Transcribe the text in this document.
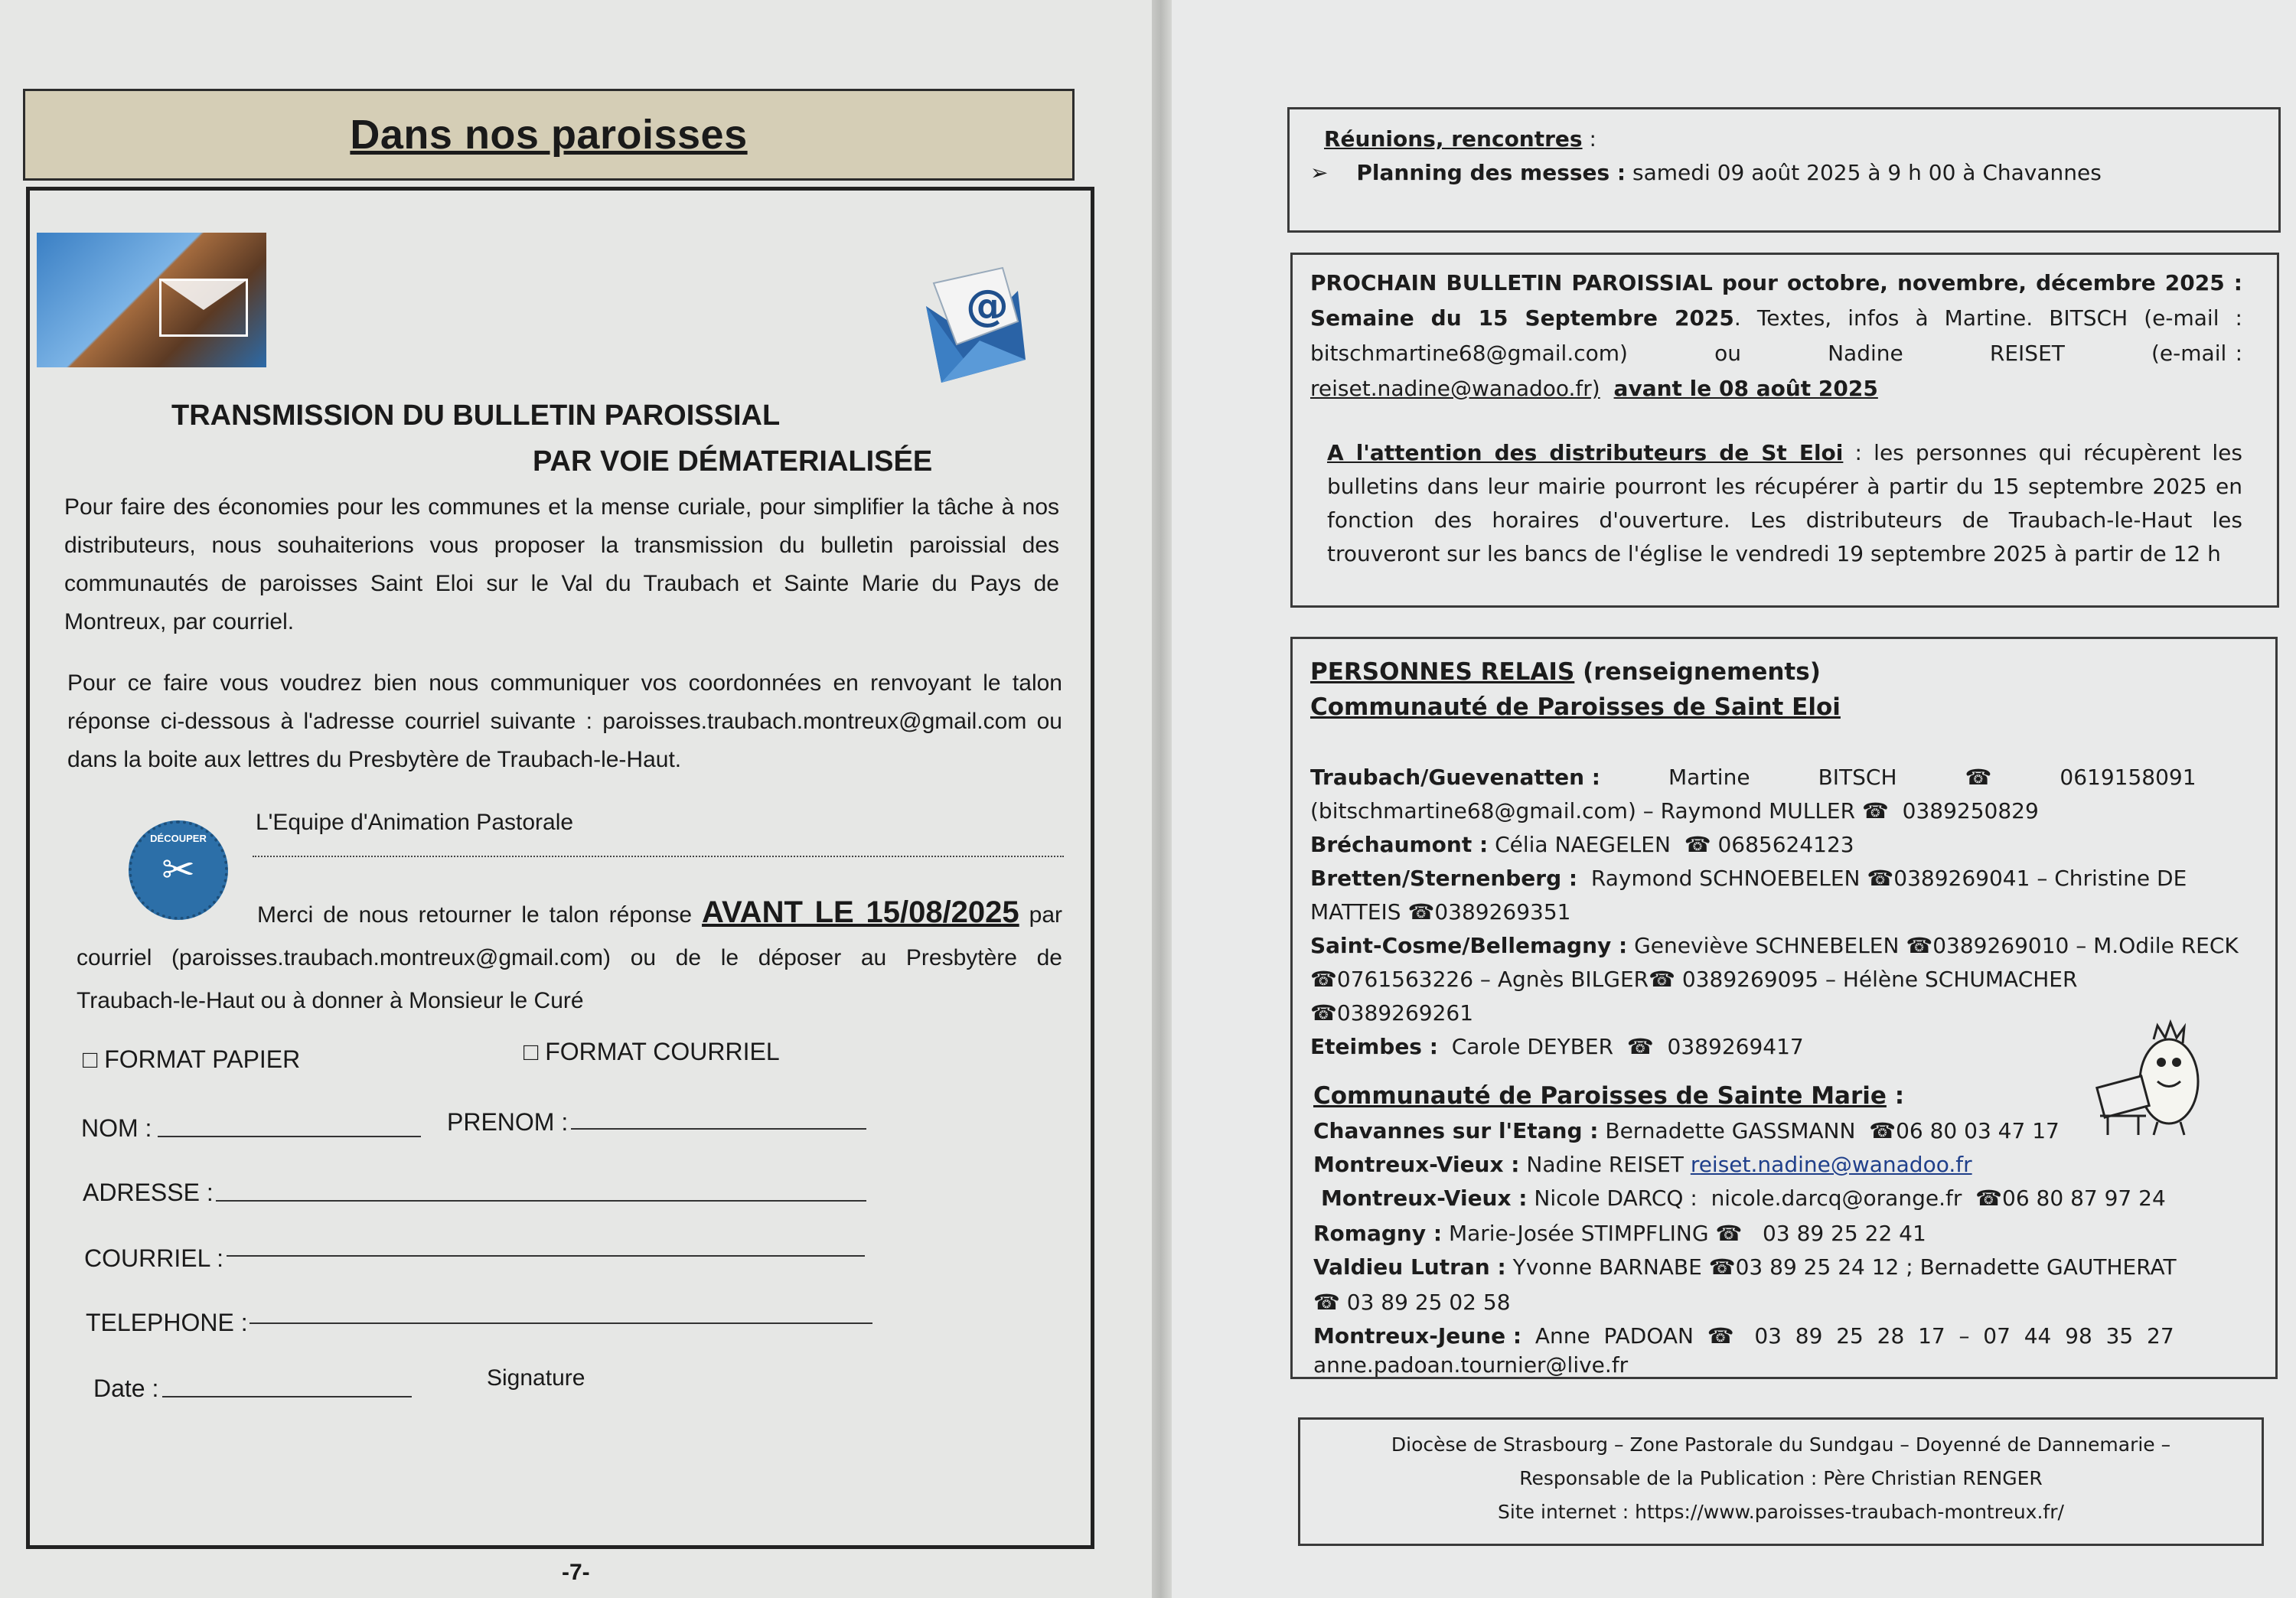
Dans nos paroisses
@
TRANSMISSION DU BULLETIN PAROISSIAL
PAR VOIE DÉMATERIALISÉE
Pour faire des économies pour les communes et la mense curiale, pour simplifier la tâche à nos distributeurs, nous souhaiterions vous proposer la transmission du bulletin paroissial des communautés de paroisses Saint Eloi sur le Val du Traubach et Sainte Marie du Pays de Montreux, par courriel.
Pour ce faire vous voudrez bien nous communiquer vos coordonnées en renvoyant le talon réponse ci-dessous à l'adresse courriel suivante : paroisses.traubach.montreux@gmail.com ou dans la boite aux lettres du Presbytère de Traubach-le-Haut.
DÉCOUPER
✂
L'Equipe d'Animation Pastorale
Merci de nous retourner le talon réponse AVANT LE 15/08/2025 par courriel (paroisses.traubach.montreux@gmail.com) ou de le déposer au Presbytère de Traubach-le-Haut ou à donner à Monsieur le Curé
□ FORMAT PAPIER	□ FORMAT COURRIEL
NOM :	PRENOM :
ADRESSE :
COURRIEL :
TELEPHONE :
Date :	Signature
-7-
Réunions, rencontres :
➢ Planning des messes : samedi 09 août 2025 à 9 h 00 à Chavannes
PROCHAIN BULLETIN PAROISSIAL pour octobre, novembre, décembre 2025 :
Semaine du 15 Septembre 2025. Textes, infos à Martine. BITSCH (e-mail :
bitschmartine68@gmail.com)          ou          Nadine          REISET          (e-mail :
reiset.nadine@wanadoo.fr) avant le 08 août 2025
A l'attention des distributeurs de St Eloi : les personnes qui récupèrent les
bulletins dans leur mairie pourront les récupérer à partir du 15 septembre 2025 en
fonction des horaires d'ouverture. Les distributeurs de Traubach-le-Haut les
trouveront sur les bancs de l'église le vendredi 19 septembre 2025 à partir de 12 h
PERSONNES RELAIS (renseignements)
Communauté de Paroisses de Saint Eloi
Traubach/Guevenatten :	Martine          BITSCH          ☎          0619158091
(bitschmartine68@gmail.com) – Raymond MULLER ☎  0389250829
Bréchaumont : Célia NAEGELEN  ☎ 0685624123
Bretten/Sternenberg :  Raymond SCHNOEBELEN ☎0389269041 – Christine DE
MATTEIS ☎0389269351
Saint-Cosme/Bellemagny : Geneviève SCHNEBELEN ☎0389269010 – M.Odile RECK
☎0761563226 – Agnès BILGER☎ 0389269095 – Hélène SCHUMACHER
☎0389269261
Eteimbes :  Carole DEYBER  ☎  0389269417
Communauté de Paroisses de Sainte Marie :
Chavannes sur l'Etang : Bernadette GASSMANN  ☎06 80 03 47 17
Montreux-Vieux : Nadine REISET reiset.nadine@wanadoo.fr
Montreux-Vieux : Nicole DARCQ :  nicole.darcq@orange.fr  ☎06 80 87 97 24
Romagny : Marie-Josée STIMPFLING ☎   03 89 25 22 41
Valdieu Lutran : Yvonne BARNABE ☎03 89 25 24 12 ; Bernadette GAUTHERAT
☎ 03 89 25 02 58
Montreux-Jeune :  Anne  PADOAN  ☎   03  89  25  28  17  –  07  44  98  35  27
anne.padoan.tournier@live.fr
Diocèse de Strasbourg – Zone Pastorale du Sundgau – Doyenné de Dannemarie –
Responsable de la Publication : Père Christian RENGER
Site internet : https://www.paroisses-traubach-montreux.fr/
